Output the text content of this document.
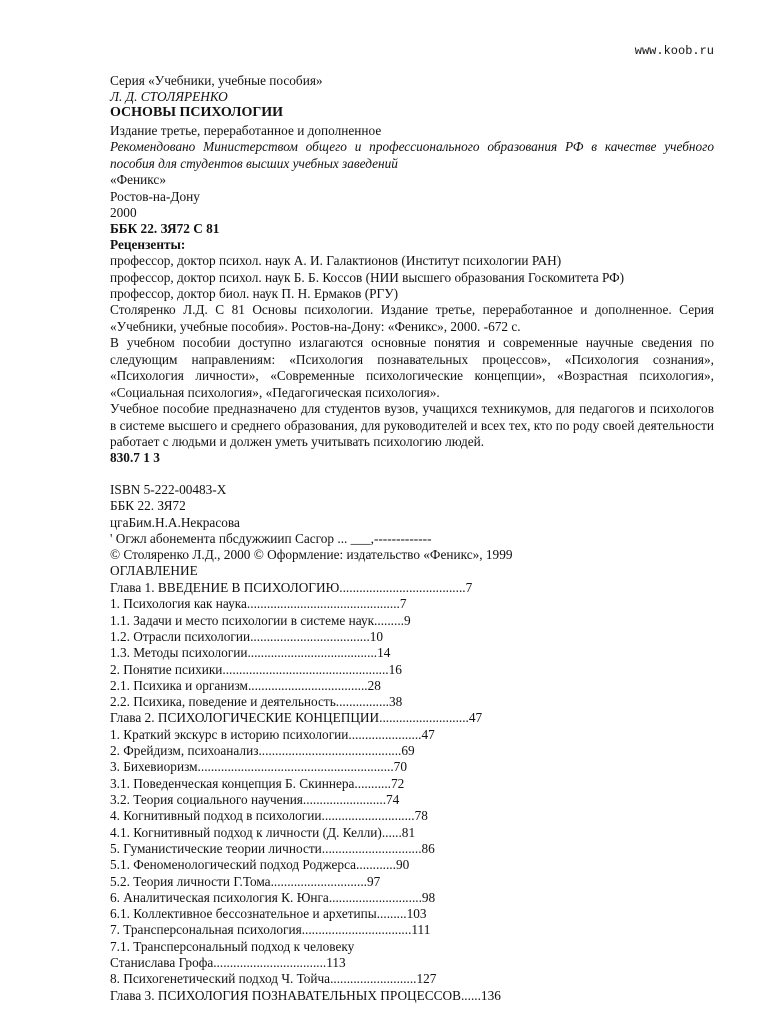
www.koob.ru
Серия «Учебники, учебные пособия»
Л. Д. СТОЛЯРЕНКО
ОСНОВЫ ПСИХОЛОГИИ
Издание третье, переработанное и дополненное
Рекомендовано Министерством общего и профессионального образования РФ в качестве учебного пособия для студентов высших учебных заведений
«Феникс»
Ростов-на-Дону
2000
ББК 22. ЗЯ72 С 81
Рецензенты:
профессор, доктор психол. наук А. И. Галактионов (Институт психологии РАН)
профессор, доктор психол. наук Б. Б. Коссов (НИИ высшего образования Госкомитета РФ)
профессор, доктор биол. наук П. Н. Ермаков (РГУ)
Столяренко Л.Д. С 81 Основы психологии. Издание третье, переработанное и дополненное. Серия «Учебники, учебные пособия». Ростов-на-Дону: «Феникс», 2000. -672 с.
В учебном пособии доступно излагаются основные понятия и современные научные сведения по следующим направлениям: «Психология познавательных процессов», «Психология сознания», «Психология личности», «Современные психологические концепции», «Возрастная психология», «Социальная психология», «Педагогическая психология».
Учебное пособие предназначено для студентов вузов, учащихся техникумов, для педагогов и психологов в системе высшего и среднего образования, для руководителей и всех тех, кто по роду своей деятельности работает с людьми и должен уметь учитывать психологию людей.
830.7 1 3
ISBN 5-222-00483-Х
ББК 22. ЗЯ72
цгаБим.Н.А.Некрасова
' Огжл абонемента пбсдужжиип Сасгор ... ___,-------------
© Столяренко Л.Д., 2000 © Оформление: издательство «Феникс», 1999
ОГЛАВЛЕНИЕ
Глава 1. ВВЕДЕНИЕ В ПСИХОЛОГИЮ......................................7
1. Психология как наука..............................................7
1.1. Задачи и место психологии в системе наук.........9
1.2. Отрасли психологии....................................10
1.3. Методы психологии.......................................14
2. Понятие психики..................................................16
2.1. Психика и организм....................................28
2.2. Психика, поведение и деятельность................38
Глава 2. ПСИХОЛОГИЧЕСКИЕ КОНЦЕПЦИИ...........................47
1. Краткий экскурс в историю психологии......................47
2. Фрейдизм, психоанализ...........................................69
3. Бихевиоризм...........................................................70
3.1. Поведенческая концепция Б. Скиннера...........72
3.2. Теория социального научения.........................74
4. Когнитивный подход в психологии............................78
4.1. Когнитивный подход к личности (Д. Келли)......81
5. Гуманистические теории личности..............................86
5.1. Феноменологический подход Роджерса............90
5.2. Теория личности Г.Тома.............................97
6. Аналитическая психология К. Юнга............................98
6.1. Коллективное бессознательное и архетипы.........103
7. Трансперсональная психология.................................111
7.1. Трансперсональный подход к человеку
Станислава Грофа..................................113
8. Психогенетический подход Ч. Тойча..........................127
Глава 3. ПСИХОЛОГИЯ ПОЗНАВАТЕЛЬНЫХ ПРОЦЕССОВ......136
